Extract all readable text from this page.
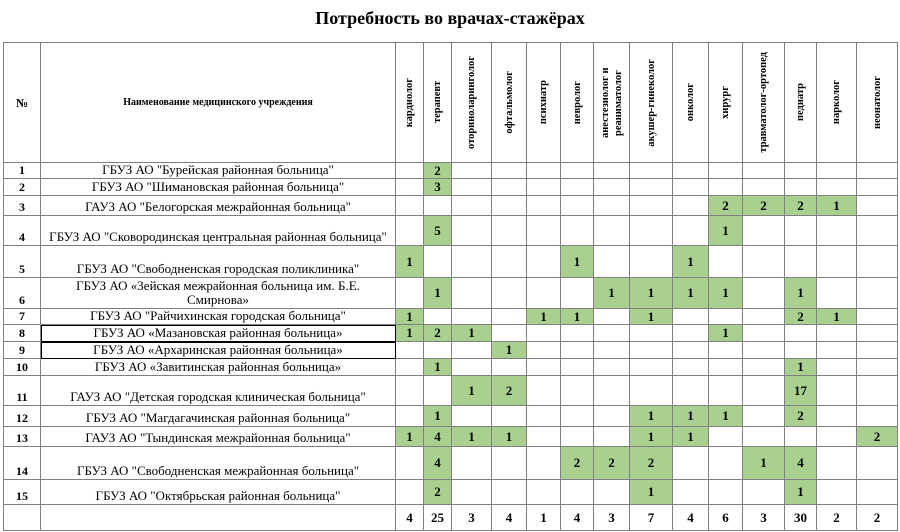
Потребность во врачах-стажёрах
№	Наименование медицинского учреждения	кардиолог	терапевт	оториноларинголог	офтальмолог	психиатр	невролог	анестезиолог и реаниматолог	акушер-гинеколог	онколог	хирург	травматолог-ортопед	педиатр	нарколог	неонатолог
1	ГБУЗ АО "Бурейская районная больница"		2												
2	ГБУЗ АО "Шимановская районная больница"		3												
3	ГАУЗ АО "Белогорская межрайонная больница"										2	2	2	1	
4	ГБУЗ АО "Сковородинская центральная районная больница"		5								1				
5	ГБУЗ АО "Свободненская городская поликлиника"	1					1			1					
6	ГБУЗ АО «Зейская межрайонная больница им. Б.Е. Смирнова»		1					1	1	1	1		1		
7	ГБУЗ АО "Райчихинская городская больница"	1				1	1		1				2	1	
8	ГБУЗ АО «Мазановская районная больница»	1	2	1							1				
9	ГБУЗ АО «Архаринская районная больница»				1										
10	ГБУЗ АО «Завитинская районная больница»		1										1		
11	ГАУЗ АО "Детская городская клиническая больница"			1	2								17		
12	ГБУЗ АО "Магдагачинская районная больница"		1						1	1	1		2		
13	ГАУЗ АО "Тындинская межрайонная больница"	1	4	1	1				1	1					2
14	ГБУЗ АО "Свободненская межрайонная больница"		4				2	2	2			1	4		
15	ГБУЗ АО "Октябрьская районная больница"		2						1				1		
		4	25	3	4	1	4	3	7	4	6	3	30	2	2
